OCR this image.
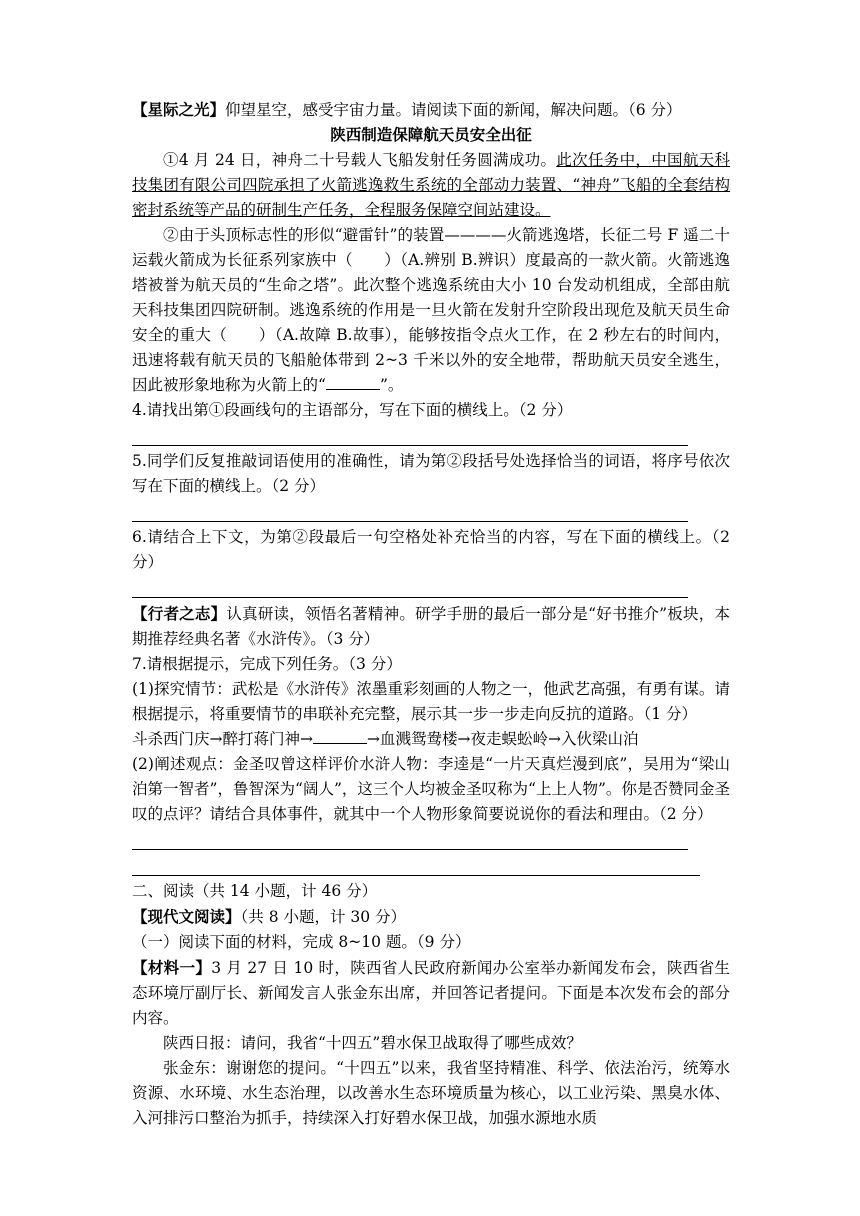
【星际之光】仰望星空，感受宇宙力量。请阅读下面的新闻，解决问题。（6 分）

陕西制造保障航天员安全出征

①4 月 24 日，神舟二十号载人飞船发射任务圆满成功。此次任务中，中国航天科技集团有限公司四院承担了火箭逃逸救生系统的全部动力装置、“神舟”飞船的全套结构密封系统等产品的研制生产任务，全程服务保障空间站建设。

②由于头顶标志性的形似“避雷针”的装置————火箭逃逸塔，长征二号 F 遥二十运载火箭成为长征系列家族中（　　）（A.辨别 B.辨识）度最高的一款火箭。火箭逃逸塔被誉为航天员的“生命之塔”。此次整个逃逸系统由大小 10 台发动机组成，全部由航天科技集团四院研制。逃逸系统的作用是一旦火箭在发射升空阶段出现危及航天员生命安全的重大（　　）（A.故障 B.故事），能够按指令点火工作，在 2 秒左右的时间内，迅速将载有航天员的飞船舱体带到 2~3 千米以外的安全地带，帮助航天员安全逃生，因此被形象地称为火箭上的“	”。

4.请找出第①段画线句的主语部分，写在下面的横线上。（2 分）

5.同学们反复推敲词语使用的准确性，请为第②段括号处选择恰当的词语，将序号依次写在下面的横线上。（2 分）

6.请结合上下文，为第②段最后一句空格处补充恰当的内容，写在下面的横线上。（2 分）

【行者之志】认真研读，领悟名著精神。研学手册的最后一部分是“好书推介”板块，本期推荐经典名著《水浒传》。（3 分）

7.请根据提示，完成下列任务。（3 分）

(1)探究情节：武松是《水浒传》浓墨重彩刻画的人物之一，他武艺高强，有勇有谋。请根据提示，将重要情节的串联补充完整，展示其一步一步走向反抗的道路。（1 分）

斗杀西门庆→醉打蒋门神→	→血溅鸳鸯楼→夜走蜈蚣岭→入伙梁山泊

(2)阐述观点：金圣叹曾这样评价水浒人物：李逵是“一片天真烂漫到底”，吴用为“梁山泊第一智者”，鲁智深为“阔人”，这三个人均被金圣叹称为“上上人物”。你是否赞同金圣叹的点评？请结合具体事件，就其中一个人物形象简要说说你的看法和理由。（2 分）

二、阅读（共 14 小题，计 46 分）

【现代文阅读】（共 8 小题，计 30 分）

（一）阅读下面的材料，完成 8~10 题。（9 分）

【材料一】3 月 27 日 10 时，陕西省人民政府新闻办公室举办新闻发布会，陕西省生态环境厅副厅长、新闻发言人张金东出席，并回答记者提问。下面是本次发布会的部分内容。

陕西日报：请问，我省“十四五”碧水保卫战取得了哪些成效？

张金东：谢谢您的提问。“十四五”以来，我省坚持精准、科学、依法治污，统筹水资源、水环境、水生态治理，以改善水生态环境质量为核心，以工业污染、黑臭水体、入河排污口整治为抓手，持续深入打好碧水保卫战，加强水源地水质
